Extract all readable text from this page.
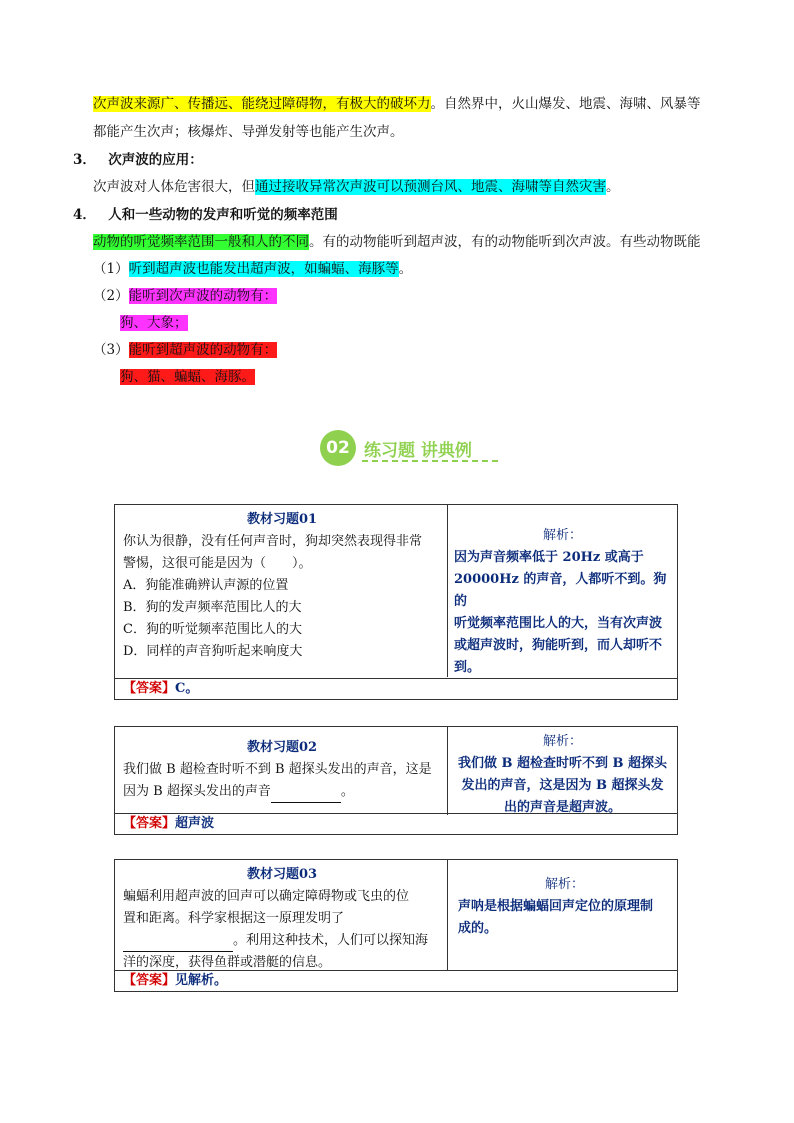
次声波来源广、传播远、能绕过障碍物，有极大的破坏力。自然界中，火山爆发、地震、海啸、风暴等
都能产生次声；核爆炸、导弹发射等也能产生次声。
3． 次声波的应用：
次声波对人体危害很大，但通过接收异常次声波可以预测台风、地震、海啸等自然灾害。
4． 人和一些动物的发声和听觉的频率范围
动物的听觉频率范围一般和人的不同。有的动物能听到超声波，有的动物能听到次声波。有些动物既能
（1）听到超声波也能发出超声波，如蝙蝠、海豚等。
（2）能听到次声波的动物有：
狗、大象；
（3）能听到超声波的动物有：
狗、猫、蝙蝠、海豚。
02 练习题 讲典例
教材习题01
你认为很静，没有任何声音时，狗却突然表现得非常
警惕，这很可能是因为（　　）。
A．狗能准确辨认声源的位置
B．狗的发声频率范围比人的大
C．狗的听觉频率范围比人的大
D．同样的声音狗听起来响度大
解析：
因为声音频率低于 20Hz 或高于
20000Hz 的声音，人都听不到。狗的
听觉频率范围比人的大，当有次声波
或超声波时，狗能听到，而人却听不
到。
【答案】C。
教材习题02
我们做 B 超检查时听不到 B 超探头发出的声音，这是
因为 B 超探头发出的声音	。
解析：
我们做 B 超检查时听不到 B 超探头
发出的声音，这是因为 B 超探头发
出的声音是超声波。
【答案】超声波
教材习题03
蝙蝠利用超声波的回声可以确定障碍物或飞虫的位
置和距离。科学家根据这一原理发明了
。利用这种技术，人们可以探知海
洋的深度，获得鱼群或潜艇的信息。
解析：
声呐是根据蝙蝠回声定位的原理制
成的。
【答案】见解析。
